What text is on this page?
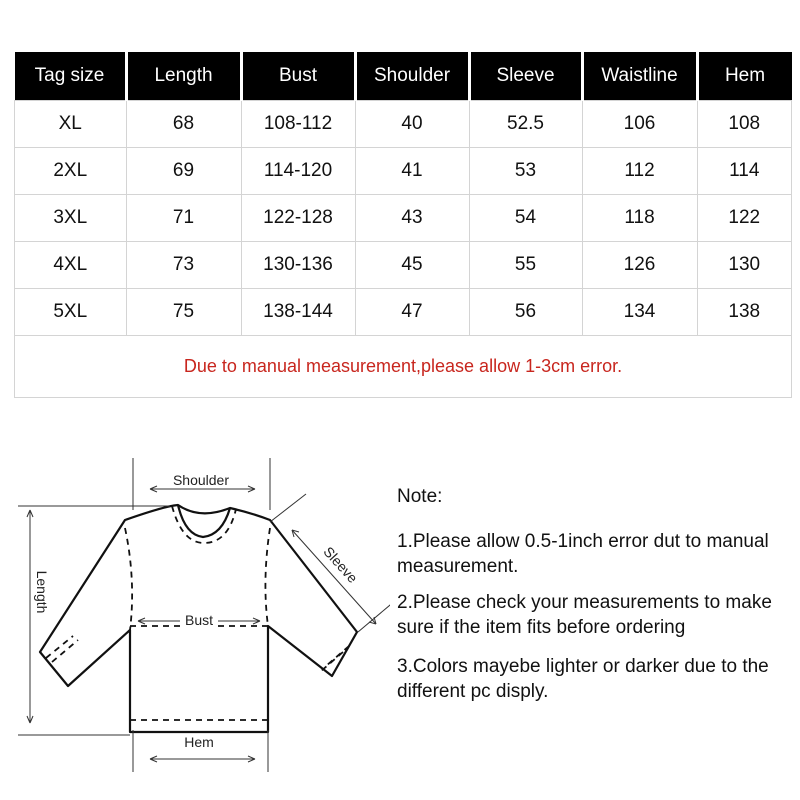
Tag size	Length	Bust	Shoulder	Sleeve	Waistline	Hem
XL	68	108-112	40	52.5	106	108
2XL	69	114-120	41	53	112	114
3XL	71	122-128	43	54	118	122
4XL	73	130-136	45	55	126	130
5XL	75	138-144	47	56	134	138
Due to manual measurement,please allow 1-3cm error.						
Shoulder
Length
Sleeve
Bust
Hem

Note:

1.Please allow 0.5-1inch error dut to manual measurement.

2.Please check your measurements to make sure if the item fits before ordering

3.Colors mayebe lighter or darker due to the different pc disply.
